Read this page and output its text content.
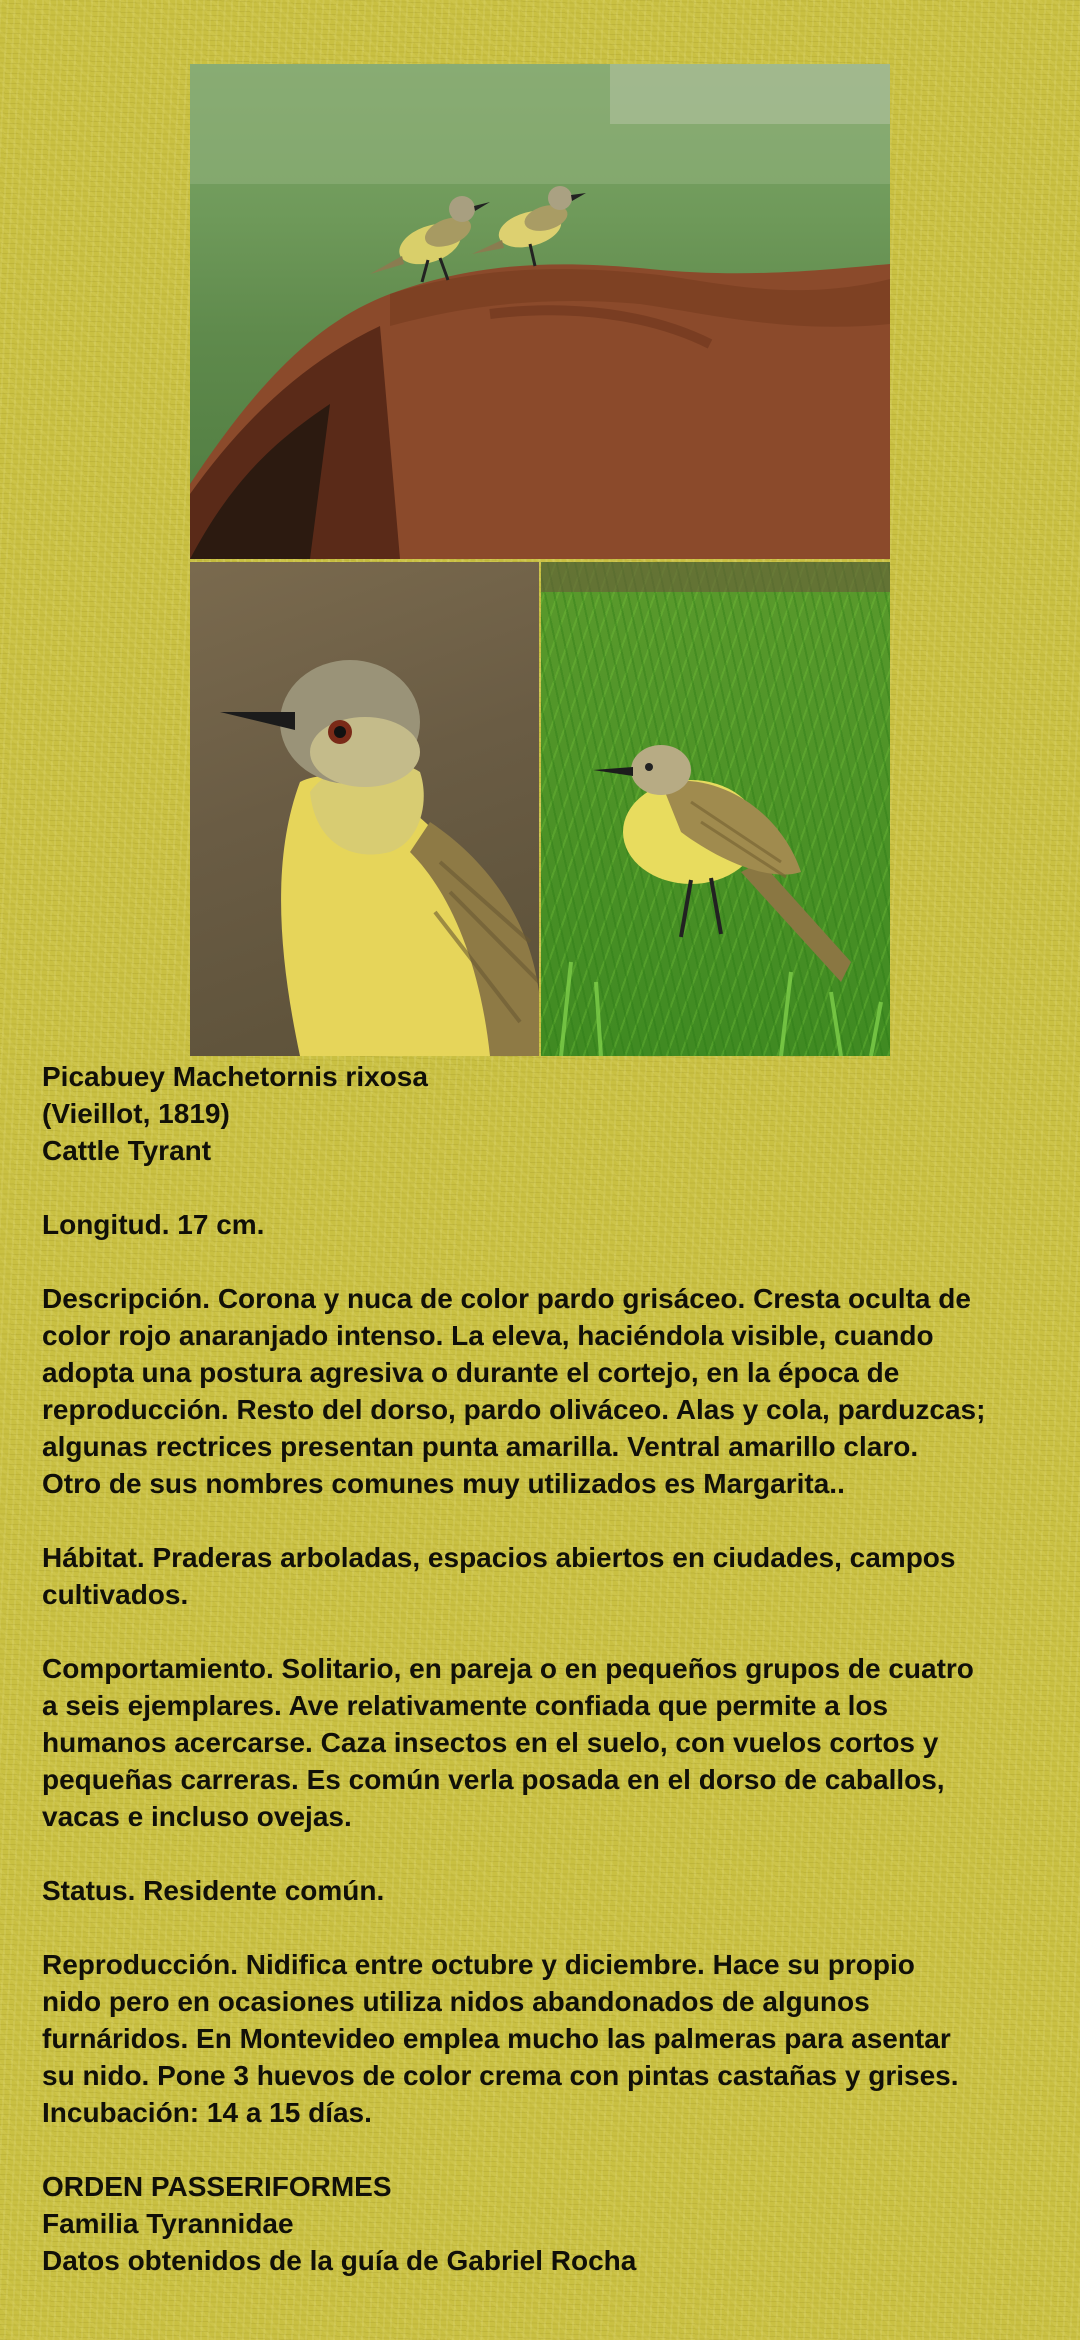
Picabuey Machetornis rixosa
(Vieillot, 1819)
Cattle Tyrant

Longitud. 17 cm.

Descripción. Corona y nuca de color pardo grisáceo. Cresta oculta de
color rojo anaranjado intenso. La eleva, haciéndola visible, cuando
adopta una postura agresiva o durante el cortejo, en la época de
reproducción. Resto del dorso, pardo oliváceo. Alas y cola, parduzcas;
algunas rectrices presentan punta amarilla. Ventral amarillo claro.
Otro de sus nombres comunes muy utilizados es Margarita..

Hábitat. Praderas arboladas, espacios abiertos en ciudades, campos
cultivados.

Comportamiento. Solitario, en pareja o en pequeños grupos de cuatro
a seis ejemplares. Ave relativamente confiada que permite a los
humanos acercarse. Caza insectos en el suelo, con vuelos cortos y
pequeñas carreras. Es común verla posada en el dorso de caballos,
vacas e incluso ovejas.

Status. Residente común.

Reproducción. Nidifica entre octubre y diciembre. Hace su propio
nido pero en ocasiones utiliza nidos abandonados de algunos
furnáridos. En Montevideo emplea mucho las palmeras para asentar
su nido. Pone 3 huevos de color crema con pintas castañas y grises.
Incubación: 14 a 15 días.

ORDEN PASSERIFORMES
Familia Tyrannidae
Datos obtenidos de la guía de Gabriel Rocha
